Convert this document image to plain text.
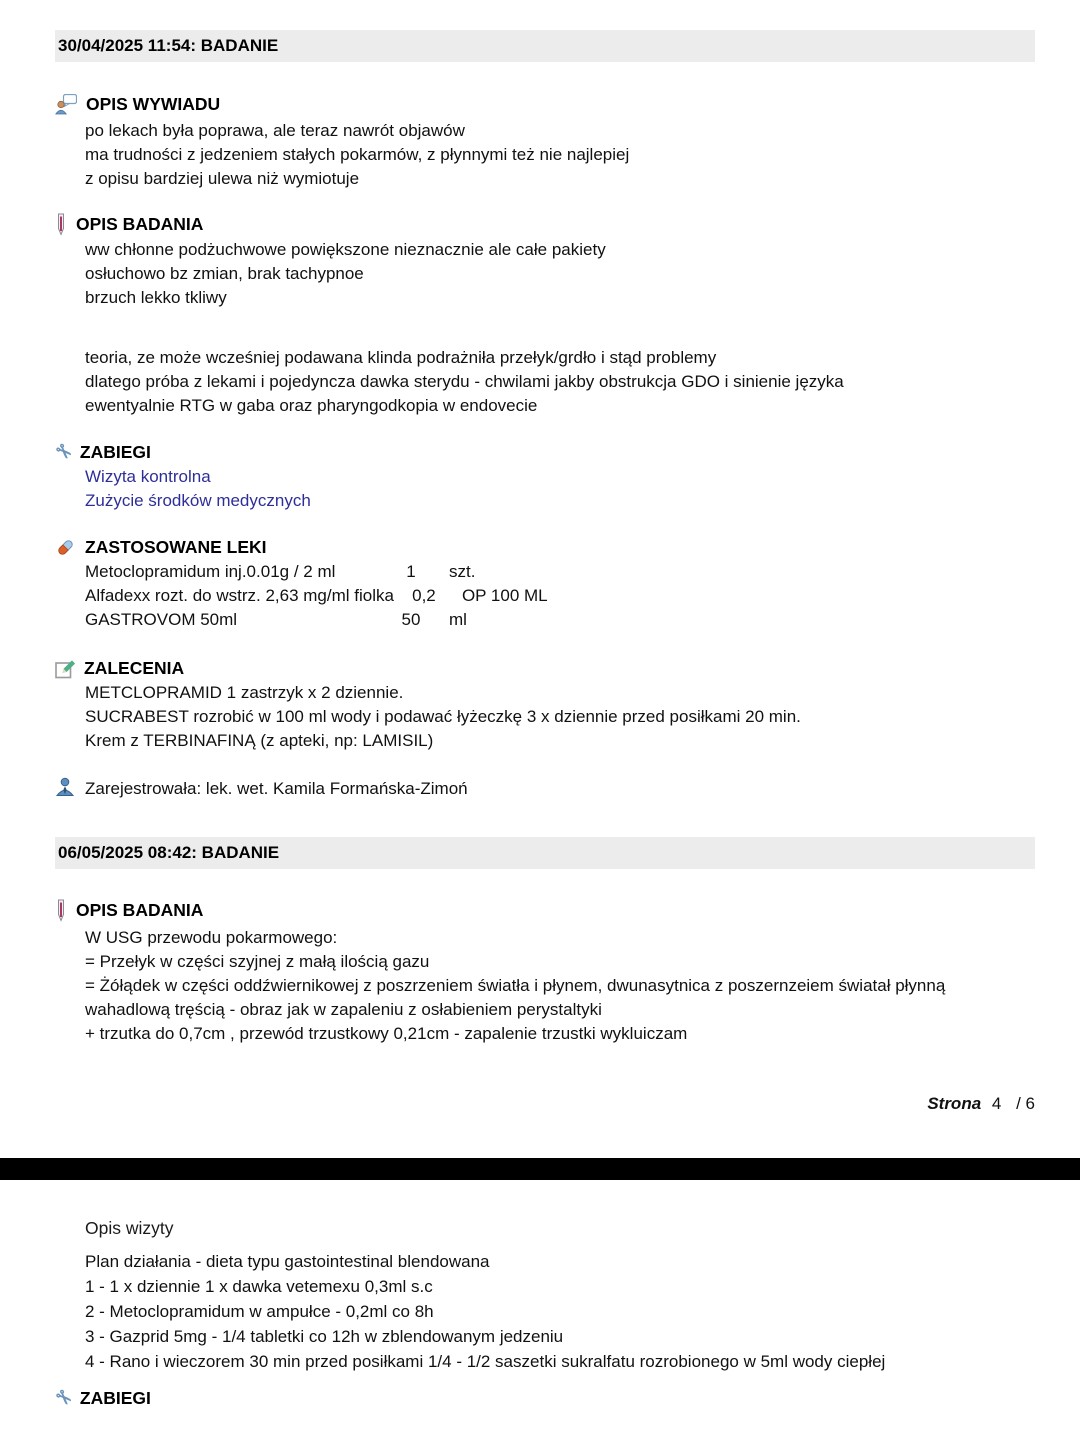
30/04/2025 11:54: BADANIE
OPIS WYWIADU
po lekach była poprawa, ale teraz nawrót objawów
ma trudności z jedzeniem stałych pokarmów, z płynnymi też nie najlepiej
z opisu bardziej ulewa niż wymiotuje
OPIS BADANIA
ww chłonne podżuchwowe powiększone nieznacznie ale całe pakiety
osłuchowo bz zmian, brak tachypnoe
brzuch lekko tkliwy
teoria, ze może wcześniej podawana klinda podrażniła przełyk/grdło i stąd problemy
dlatego próba z lekami i pojedyncza dawka sterydu - chwilami jakby obstrukcja GDO i sinienie języka
ewentyalnie RTG w gaba oraz pharyngodkopia w endovecie
✂ ZABIEGI
Wizyta kontrolna
Zużycie środków medycznych
ZASTOSOWANE LEKI
Metoclopramidum inj.0.01g / 2 ml	1	szt.
Alfadexx rozt. do wstrz. 2,63 mg/ml fiolka	0,2	OP 100 ML
GASTROVOM 50ml	50	ml
ZALECENIA
METCLOPRAMID 1 zastrzyk x 2 dziennie.
SUCRABEST rozrobić w 100 ml wody i podawać łyżeczkę 3 x dziennie przed posiłkami 20 min.
Krem z TERBINAFINĄ (z apteki, np: LAMISIL)
Zarejestrowała: lek. wet. Kamila Formańska-Zimoń
06/05/2025 08:42: BADANIE
OPIS BADANIA
W USG przewodu pokarmowego:
= Przełyk w części szyjnej z małą ilością gazu
= Żółądek w części oddźwiernikowej z poszrzeniem światła i płynem, dwunasytnica z poszernzeiem światał płynną wahadlową tręścią - obraz jak w zapaleniu z osłabieniem perystaltyki
+ trzutka do 0,7cm , przewód trzustkowy 0,21cm - zapalenie trzustki wykluiczam
Strona 4 / 6
Opis wizyty
Plan działania - dieta typu gastointestinal blendowana
1 - 1 x dziennie 1 x dawka vetemexu 0,3ml s.c
2 - Metoclopramidum w ampułce - 0,2ml co 8h
3 - Gazprid 5mg - 1/4 tabletki co 12h w zblendowanym jedzeniu
4 - Rano i wieczorem 30 min przed posiłkami 1/4 - 1/2 saszetki sukralfatu rozrobionego w 5ml wody ciepłej
✂ ZABIEGI
